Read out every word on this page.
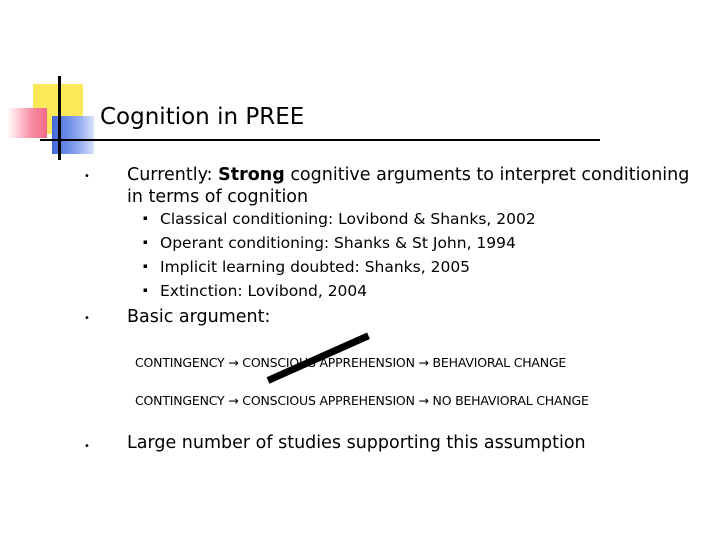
Cognition in PREE
• Currently: Strong cognitive arguments to interpret conditioning in terms of cognition
▪ Classical conditioning: Lovibond & Shanks, 2002
▪ Operant conditioning: Shanks & St John, 1994
▪ Implicit learning doubted: Shanks, 2005
▪ Extinction: Lovibond, 2004
• Basic argument:
CONTINGENCY → CONSCIOUS APPREHENSION → BEHAVIORAL CHANGE
CONTINGENCY → CONSCIOUS APPREHENSION → NO BEHAVIORAL CHANGE
• Large number of studies supporting this assumption
